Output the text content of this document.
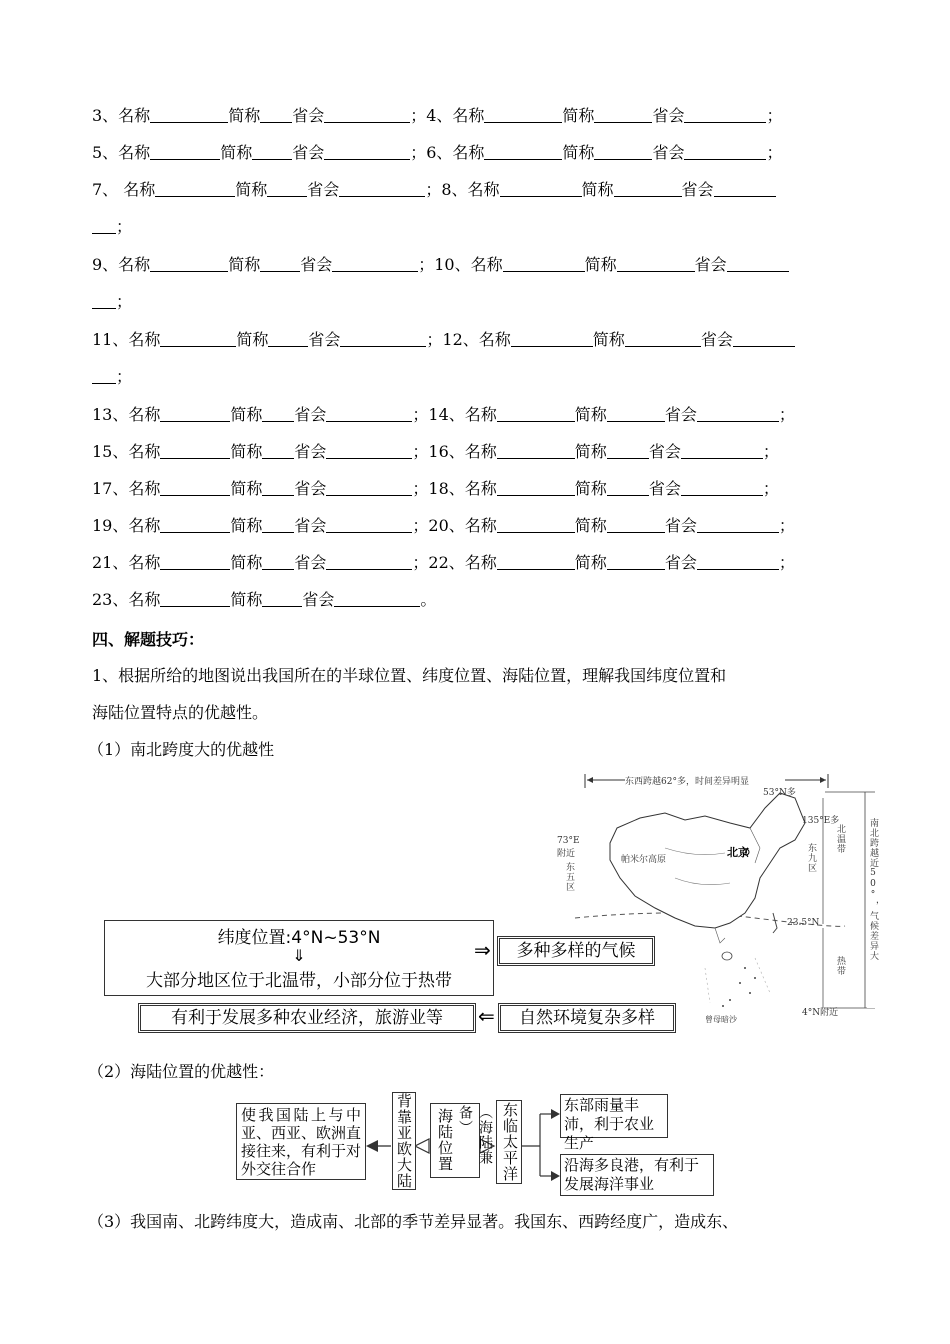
3、名称	简称 省会	；4、名称	简称	省会	；
5、名称	简称	省会	；6、名称	简称	省会	；
7、 名称	简称	省会	；8、名称	简称	省会
；
9、名称	简称	省会	；10、名称	简称	省会
；
11、名称	简称	省会	；12、名称	简称	省会
；
13、名称	简称 省会	；14、名称	简称	省会	；
15、名称	简称 省会	；16、名称	简称	省会	；
17、名称	简称 省会	；18、名称	简称	省会	；
19、名称	简称 省会	；20、名称	简称	省会	；
21、名称	简称 省会	；22、名称	简称	省会	；
23、名称	简称	省会	。
四、解题技巧：
1、根据所给的地图说出我国所在的半球位置、纬度位置、海陆位置，理解我国纬度位置和
海陆位置特点的优越性。
（1）南北跨度大的优越性
东西跨越62°多，时间差异明显
53°N多
135°E多
73°E附近
东五区
东九区
帕米尔高原
北京	北温带
23.5°N
热带
4°N附近
曾母暗沙
南北跨越近50°，气候差异大
纬度位置:4°N~53°N
⇓
大部分地区位于北温带，小部分位于热带
⇒	多种多样的气候
有利于发展多种农业经济，旅游业等	⇐	自然环境复杂多样
（2）海陆位置的优越性：
使我国陆上与中亚、西亚、欧洲直接往来，有利于对外交往合作	背靠亚欧大陆 海陆位置	（海陆兼备）	东临太平洋	东部雨量丰沛，利于农业生产
沿海多良港，有利于发展海洋事业
（3）我国南、北跨纬度大，造成南、北部的季节差异显著。我国东、西跨经度广，造成东、
